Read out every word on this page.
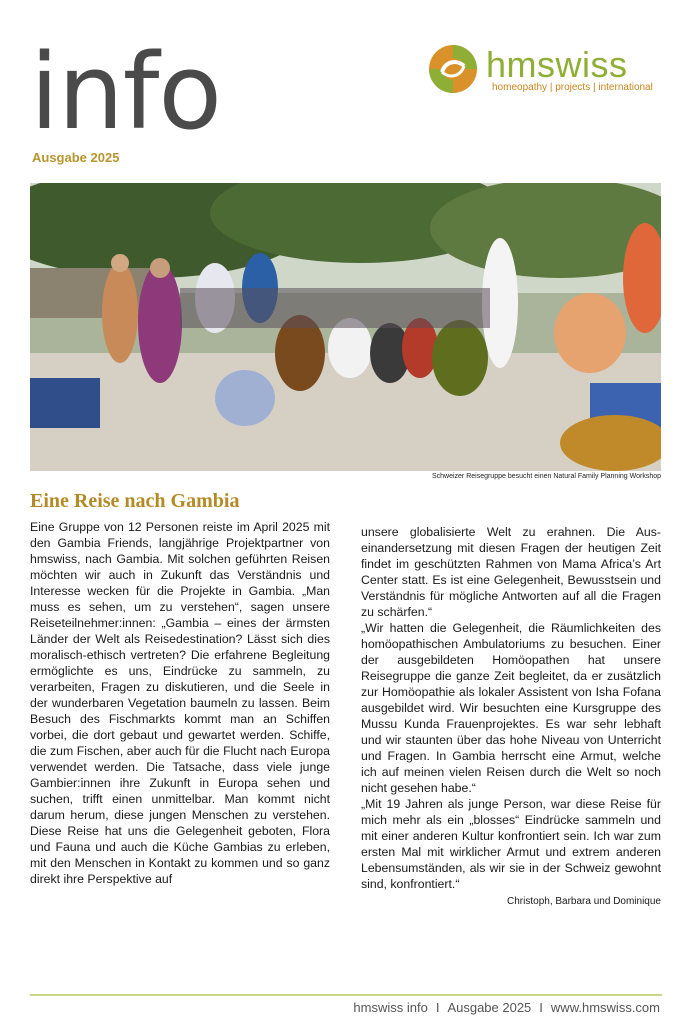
info
Ausgabe 2025
hmswiss
homeopathy | projects | international
Schweizer Reisegruppe besucht einen Natural Family Planning Workshop
Eine Reise nach Gambia

Eine Gruppe von 12 Personen reiste im April 2025 mit den Gambia Friends, langjährige Projektpartner von hmswiss, nach Gambia. Mit solchen geführten Reisen möchten wir auch in Zukunft das Verständnis und Interesse wecken für die Projekte in Gambia. „Man muss es sehen, um zu verstehen“, sagen unsere Reiseteilnehmer:innen: „Gambia – eines der ärmsten Länder der Welt als Reisedestination? Lässt sich dies moralisch-ethisch vertreten? Die erfahrene Begleitung ermöglichte es uns, Eindrücke zu sammeln, zu verarbeiten, Fragen zu diskutieren, und die Seele in der wunderbaren Vegetation baumeln zu lassen. Beim Besuch des Fischmarkts kommt man an Schiffen vorbei, die dort gebaut und gewartet werden. Schiffe, die zum Fischen, aber auch für die Flucht nach Europa verwendet werden. Die Tatsache, dass viele junge Gambier:innen ihre Zukunft in Europa sehen und suchen, trifft einen unmittelbar. Man kommt nicht darum herum, diese jungen Menschen zu verstehen. Diese Reise hat uns die Gelegenheit geboten, Flora und Fauna und auch die Küche Gambias zu erleben, mit den Menschen in Kontakt zu kommen und so ganz direkt ihre Perspektive auf

unsere globalisierte Welt zu erahnen. Die Auseinandersetzung mit diesen Fragen der heutigen Zeit findet im geschützten Rahmen von Mama Africa’s Art Center statt. Es ist eine Gelegenheit, Bewusstsein und Verständnis für mögliche Antworten auf all die Fragen zu schärfen.“

„Wir hatten die Gelegenheit, die Räumlichkeiten des homöopathischen Ambulatoriums zu besuchen. Einer der ausgebildeten Homöopathen hat unsere Reisegruppe die ganze Zeit begleitet, da er zusätzlich zur Homöopathie als lokaler Assistent von Isha Fofana ausgebildet wird. Wir besuchten eine Kursgruppe des Mussu Kunda Frauenprojektes. Es war sehr lebhaft und wir staunten über das hohe Niveau von Unterricht und Fragen. In Gambia herrscht eine Armut, welche ich auf meinen vielen Reisen durch die Welt so noch nicht gesehen habe.“

„Mit 19 Jahren als junge Person, war diese Reise für mich mehr als ein „blosses“ Eindrücke sammeln und mit einer anderen Kultur konfrontiert sein. Ich war zum ersten Mal mit wirklicher Armut und extrem anderen Lebensumständen, als wir sie in der Schweiz gewohnt sind, konfrontiert.“

Christoph, Barbara und Dominique
hmswiss info I Ausgabe 2025 I www.hmswiss.com
